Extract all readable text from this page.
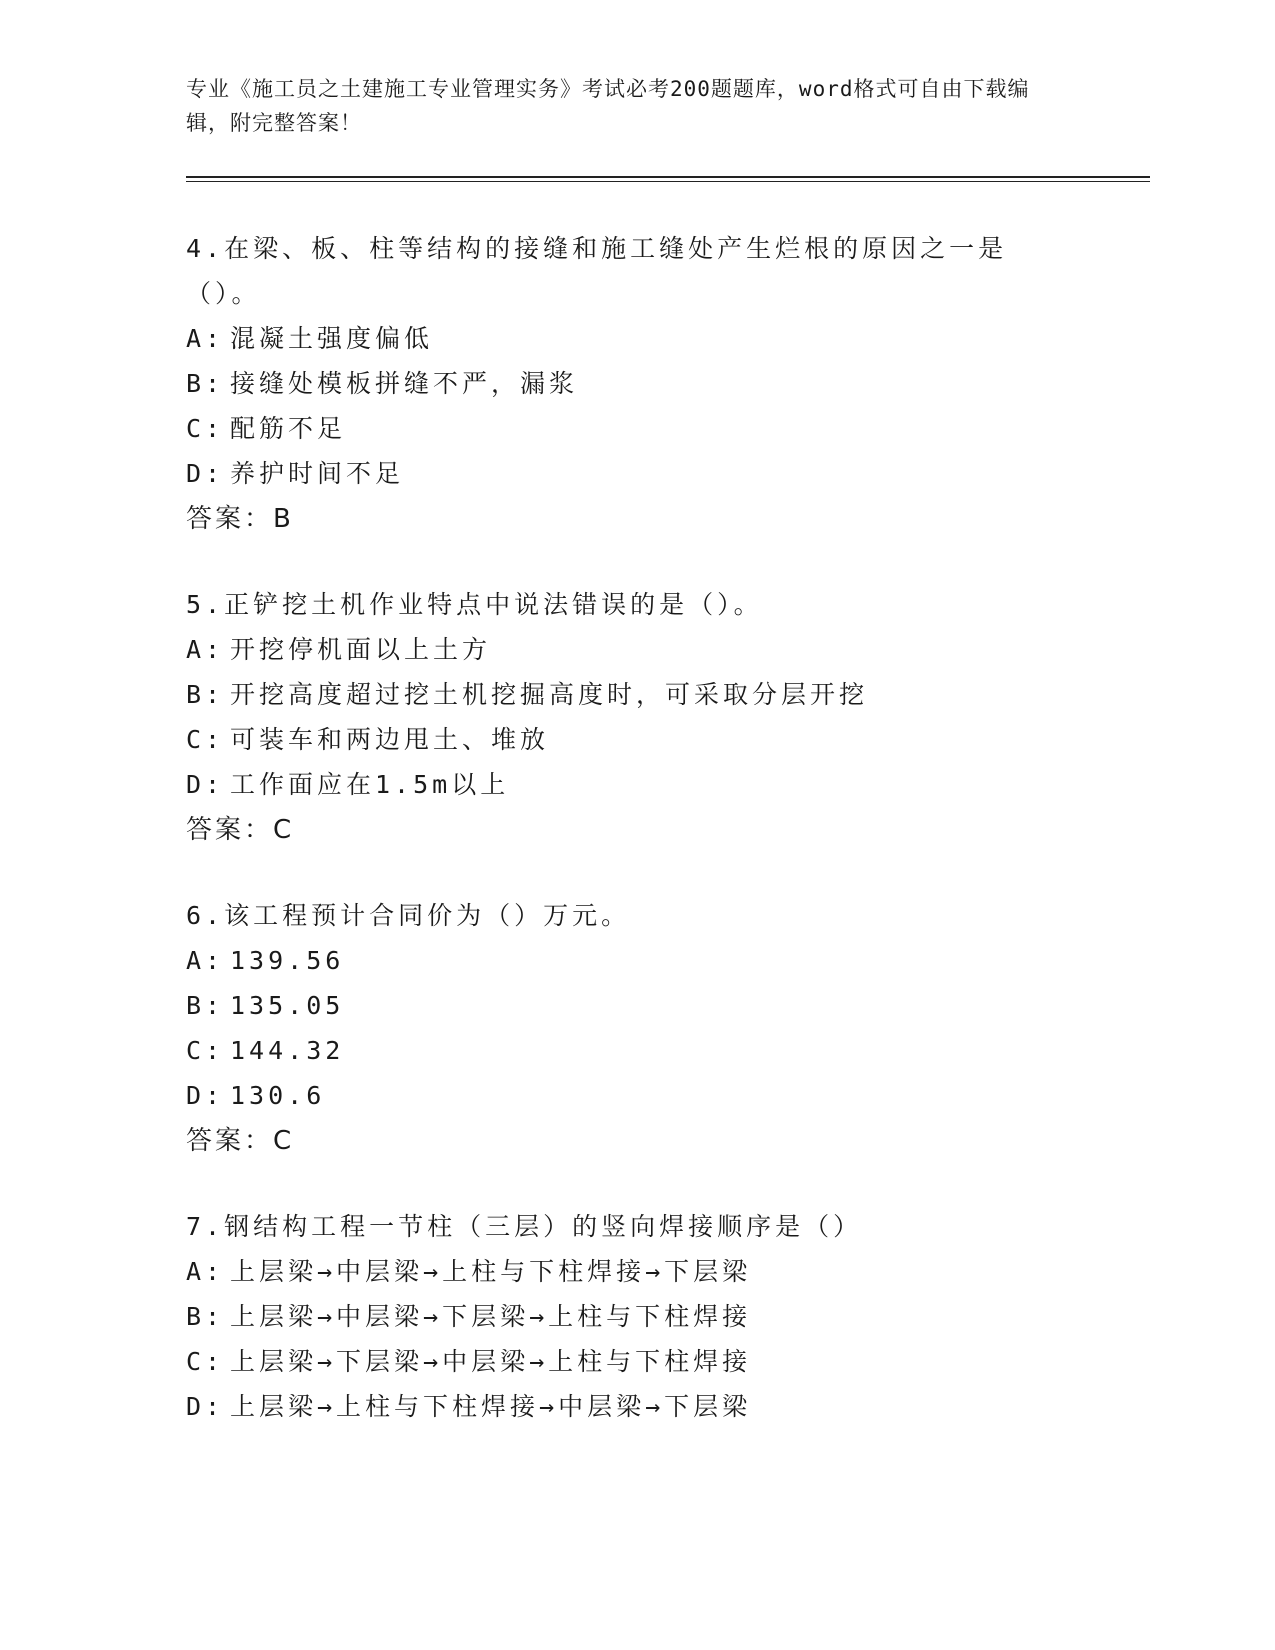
专业《施工员之土建施工专业管理实务》考试必考200题题库，word格式可自由下载编辑，附完整答案！
4.在梁、板、柱等结构的接缝和施工缝处产生烂根的原因之一是（）。
A: 混凝土强度偏低
B: 接缝处模板拼缝不严，漏浆
C: 配筋不足
D: 养护时间不足
答案：B
5.正铲挖土机作业特点中说法错误的是（）。
A: 开挖停机面以上土方
B: 开挖高度超过挖土机挖掘高度时，可采取分层开挖
C: 可装车和两边甩土、堆放
D: 工作面应在1.5m以上
答案：C
6.该工程预计合同价为（）万元。
A: 139.56
B: 135.05
C: 144.32
D: 130.6
答案：C
7.钢结构工程一节柱（三层）的竖向焊接顺序是（）
A: 上层梁→中层梁→上柱与下柱焊接→下层梁
B: 上层梁→中层梁→下层梁→上柱与下柱焊接
C: 上层梁→下层梁→中层梁→上柱与下柱焊接
D: 上层梁→上柱与下柱焊接→中层梁→下层梁
